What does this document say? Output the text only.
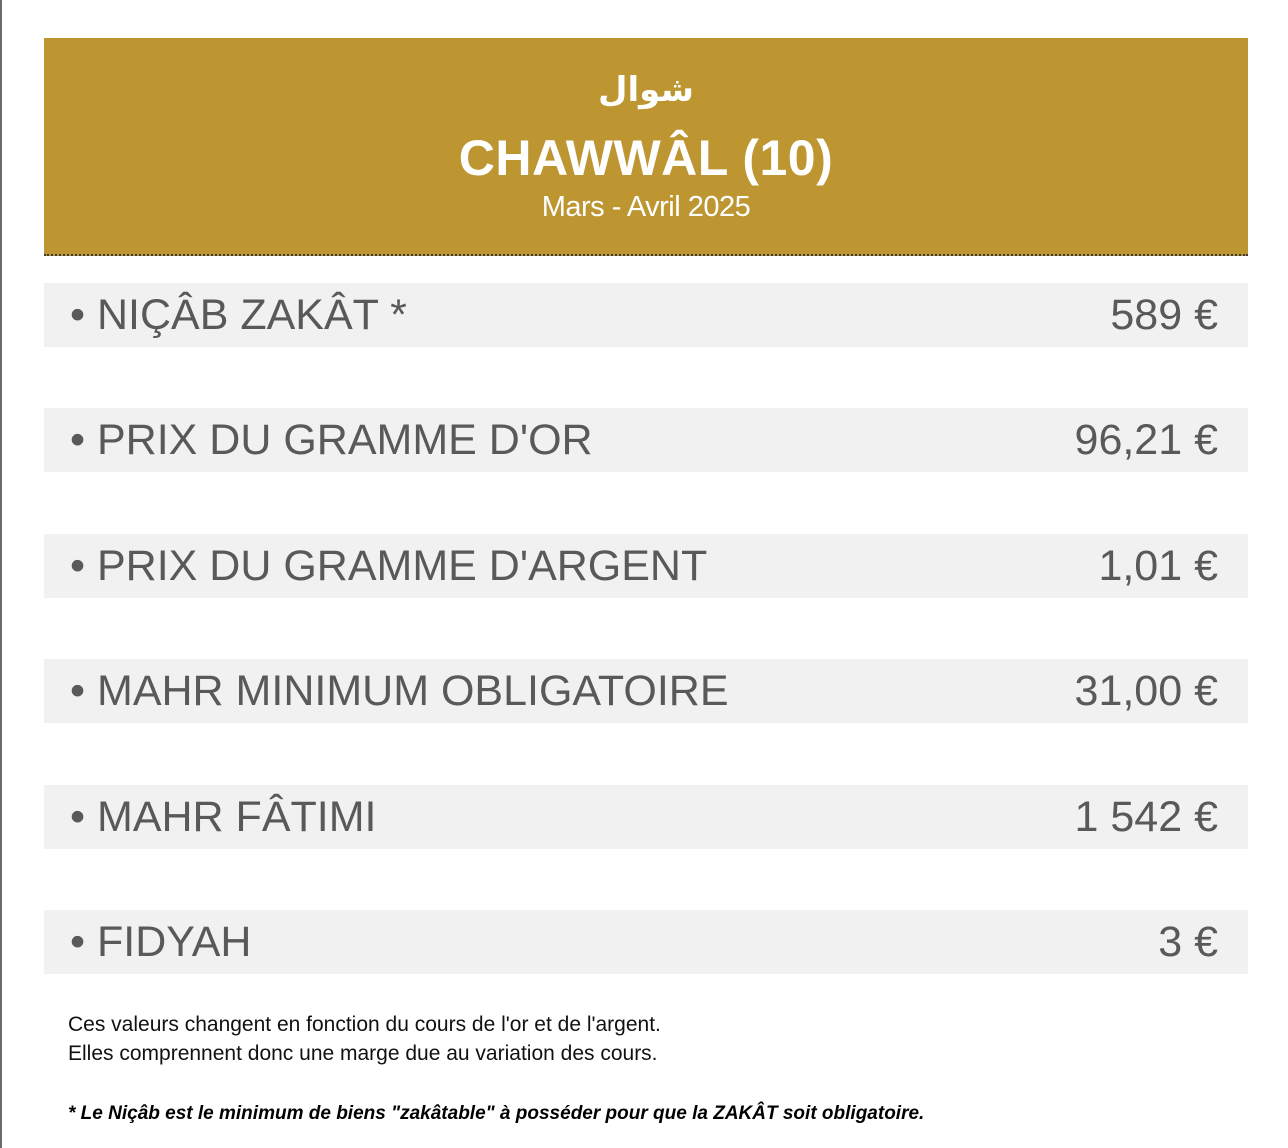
شوال
CHAWWÂL (10)
Mars - Avril 2025
• NIÇÂB ZAKÂT *	589 €
• PRIX DU GRAMME D'OR	96,21 €
• PRIX DU GRAMME D'ARGENT	1,01 €
• MAHR MINIMUM OBLIGATOIRE	31,00 €
• MAHR FÂTIMI	1 542 €
• FIDYAH	3 €
Ces valeurs changent en fonction du cours de l'or et de l'argent.
Elles comprennent donc une marge due au variation des cours.
* Le Niçâb est le minimum de biens "zakâtable" à posséder pour que la ZAKÂT soit obligatoire.
